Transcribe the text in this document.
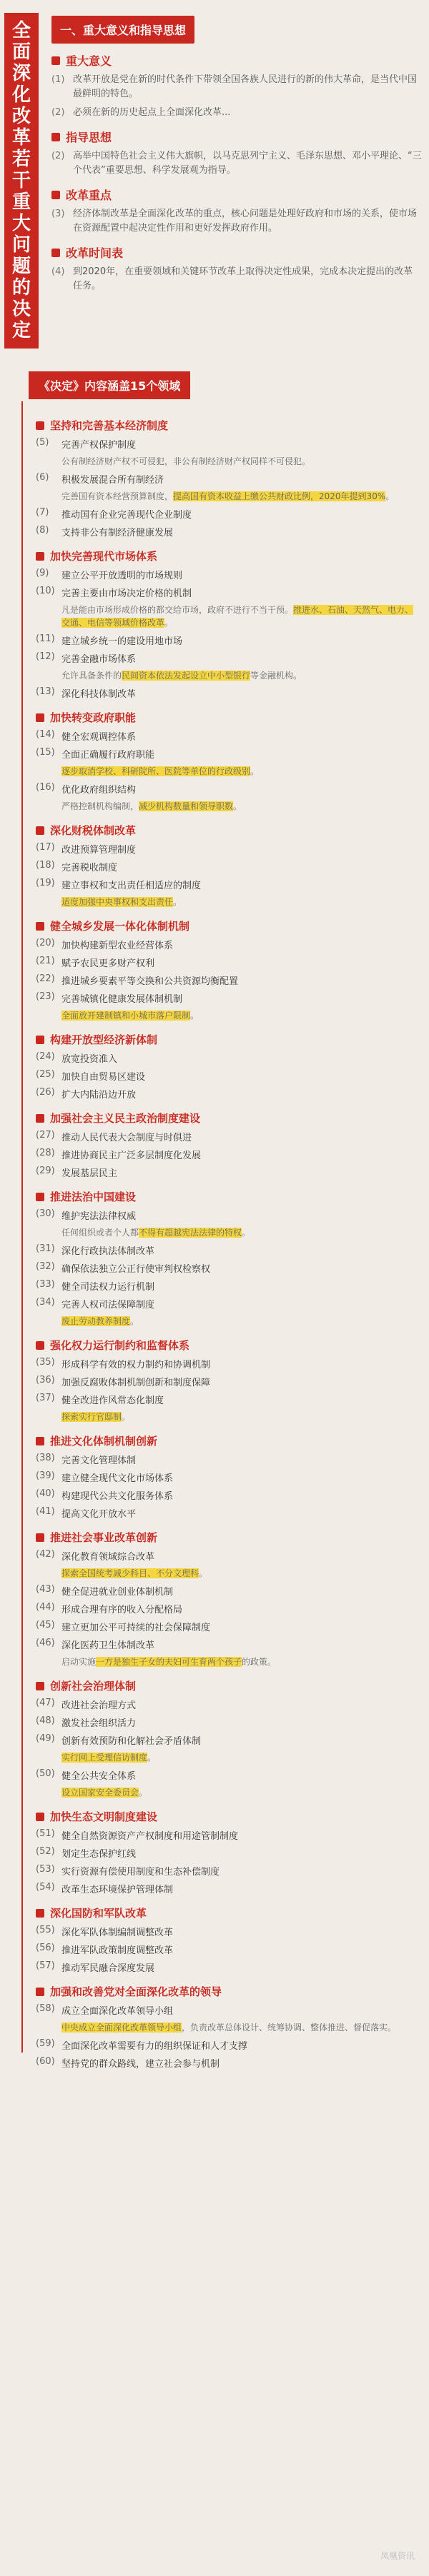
全面深化改革
若干重大问题
的决定
一、重大意义和指导思想
重大意义
(1) 改革开放是党在新的时代条件下带领全国各族人民进行的新的伟大革命，是当代中国最鲜明的特色。
(2) 必须在新的历史起点上全面深化改革...
指导思想
(2) 高举中国特色社会主义伟大旗帜，以马克思列宁主义、毛泽东思想、邓小平理论、“三个代表”重要思想、科学发展观为指导。
改革重点
(3) 经济体制改革是全面深化改革的重点，核心问题是处理好政府和市场的关系，使市场在资源配置中起决定性作用和更好发挥政府作用。
改革时间表
(4) 到2020年，在重要领域和关键环节改革上取得决定性成果，完成本决定提出的改革任务。
《决定》内容涵盖15个领域
坚持和完善基本经济制度
(5)	完善产权保护制度
公有制经济财产权不可侵犯，非公有制经济财产权同样不可侵犯。
(6)	积极发展混合所有制经济
完善国有资本经营预算制度，提高国有资本收益上缴公共财政比例，2020年提到30%。
(7)	推动国有企业完善现代企业制度
(8)	支持非公有制经济健康发展
加快完善现代市场体系
(9)	建立公平开放透明的市场规则
(10) 完善主要由市场决定价格的机制
凡是能由市场形成价格的都交给市场，政府不进行不当干预。推进水、石油、天然气、电力、交通、电信等领域价格改革。
(11) 建立城乡统一的建设用地市场
(12) 完善金融市场体系
允许具备条件的民间资本依法发起设立中小型银行等金融机构。
(13) 深化科技体制改革
加快转变政府职能
(14) 健全宏观调控体系
(15) 全面正确履行政府职能
逐步取消学校、科研院所、医院等单位的行政级别。
(16) 优化政府组织结构
严格控制机构编制，减少机构数量和领导职数。
深化财税体制改革
(17) 改进预算管理制度
(18) 完善税收制度
(19) 建立事权和支出责任相适应的制度
适度加强中央事权和支出责任。
健全城乡发展一体化体制机制
(20) 加快构建新型农业经营体系
(21) 赋予农民更多财产权利
(22) 推进城乡要素平等交换和公共资源均衡配置
(23) 完善城镇化健康发展体制机制
全面放开建制镇和小城市落户限制。
构建开放型经济新体制
(24) 放宽投资准入
(25) 加快自由贸易区建设
(26) 扩大内陆沿边开放
加强社会主义民主政治制度建设
(27) 推动人民代表大会制度与时俱进
(28) 推进协商民主广泛多层制度化发展
(29) 发展基层民主
推进法治中国建设
(30) 维护宪法法律权威
任何组织或者个人都不得有超越宪法法律的特权。
(31) 深化行政执法体制改革
(32) 确保依法独立公正行使审判权检察权
(33) 健全司法权力运行机制
(34) 完善人权司法保障制度
废止劳动教养制度。
强化权力运行制约和监督体系
(35) 形成科学有效的权力制约和协调机制
(36) 加强反腐败体制机制创新和制度保障
(37) 健全改进作风常态化制度
探索实行官邸制。
推进文化体制机制创新
(38) 完善文化管理体制
(39) 建立健全现代文化市场体系
(40) 构建现代公共文化服务体系
(41) 提高文化开放水平
推进社会事业改革创新
(42) 深化教育领域综合改革
探索全国统考减少科目、不分文理科。
(43) 健全促进就业创业体制机制
(44) 形成合理有序的收入分配格局
(45) 建立更加公平可持续的社会保障制度
(46) 深化医药卫生体制改革
启动实施一方是独生子女的夫妇可生育两个孩子的政策。
创新社会治理体制
(47) 改进社会治理方式
(48) 激发社会组织活力
(49) 创新有效预防和化解社会矛盾体制
实行网上受理信访制度。
(50) 健全公共安全体系
设立国家安全委员会。
加快生态文明制度建设
(51) 健全自然资源资产产权制度和用途管制制度
(52) 划定生态保护红线
(53) 实行资源有偿使用制度和生态补偿制度
(54) 改革生态环境保护管理体制
深化国防和军队改革
(55) 深化军队体制编制调整改革
(56) 推进军队政策制度调整改革
(57) 推动军民融合深度发展
加强和改善党对全面深化改革的领导
(58) 成立全面深化改革领导小组
中央成立全面深化改革领导小组，负责改革总体设计、统筹协调、整体推进、督促落实。
(59) 全面深化改革需要有力的组织保证和人才支撑
(60) 坚持党的群众路线，建立社会参与机制
凤凰资讯
